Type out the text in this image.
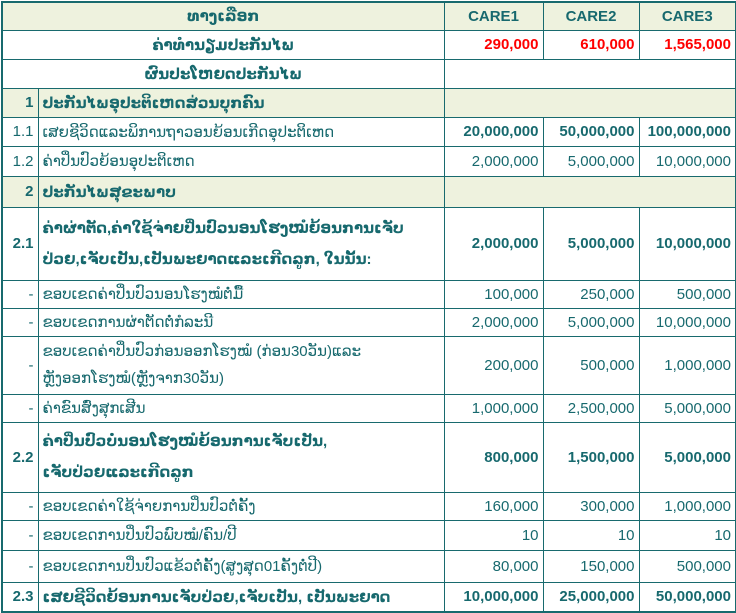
ທາງເລືອກ		CARE1	CARE2	CARE3
ຄ່າທຳນຽມປະກັນໄພ		290,000	610,000	1,565,000
ຜົນປະໂຫຍດປະກັນໄພ				
1	ປະກັນໄພອຸປະຕິເຫດສ່ວນບຸກຄົນ			
1.1	ເສຍຊີວິດແລະພິການຖາວອນຍ້ອນເກີດອຸປະຕິເຫດ	20,000,000	50,000,000	100,000,000
1.2	ຄ່າປິ່ນປົວຍ້ອນອຸປະຕິເຫດ	2,000,000	5,000,000	10,000,000
2	ປະກັນໄພສຸຂະພາບ			
2.1	ຄ່າຜ່າຕັດ,ຄ່າໃຊ້ຈ່າຍປິ່ນປົວນອນໂຮງໝໍຍ້ອນການເຈັບ
ປ່ວຍ,ເຈັບເປັນ,ເປັນພະຍາດແລະເກີດລູກ, ໃນນັ້ນ:	2,000,000	5,000,000	10,000,000
-	ຂອບເຂດຄ່າປິ່ນປົວນອນໂຮງໝໍຕໍ່ມື້	100,000	250,000	500,000
-	ຂອບເຂດການຜ່າຕັດຕໍ່ກໍລະນີ	2,000,000	5,000,000	10,000,000
-	ຂອບເຂດຄ່າປິ່ນປົວກ່ອນອອກໂຮງໝໍ (ກ່ອນ30ວັນ)ແລະ
ຫຼັງອອກໂຮງໝໍ(ຫຼັງຈາກ30ວັນ)	200,000	500,000	1,000,000
-	ຄ່າຂົນສົ່ງສຸກເສີນ	1,000,000	2,500,000	5,000,000
2.2	ຄ່າປິ່ນປົວບໍ່ນອນໂຮງໝໍຍ້ອນການເຈັບເປັນ,
ເຈັບປ່ວຍແລະເກີດລູກ	800,000	1,500,000	5,000,000
-	ຂອບເຂດຄ່າໃຊ້ຈ່າຍການປິ່ນປົວຕໍ່ຄັ້ງ	160,000	300,000	1,000,000
-	ຂອບເຂດການປິ່ນປົວພົບໝໍ/ຄົນ/ປີ	10	10	10
-	ຂອບເຂດການປິ່ນປົວແຂ້ວຕໍ່ຄັ້ງ(ສູງສຸດ01ຄັ້ງຕໍ່ປີ)	80,000	150,000	500,000
2.3	ເສຍຊີວິດຍ້ອນການເຈັບປ່ວຍ,ເຈັບເປັນ, ເປັນພະຍາດ	10,000,000	25,000,000	50,000,000
